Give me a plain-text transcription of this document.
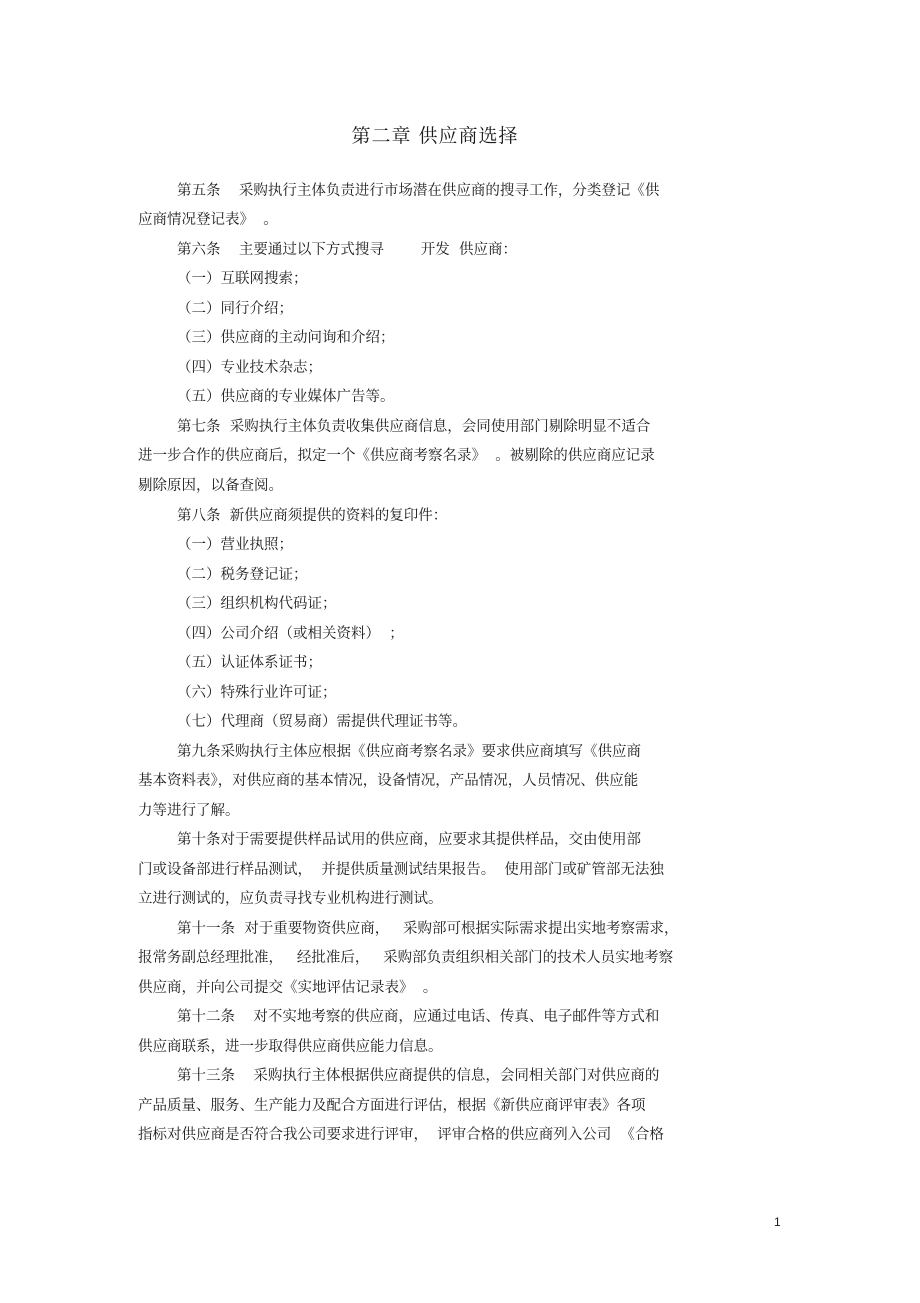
第二章 供应商选择
第五条    采购执行主体负责进行市场潜在供应商的搜寻工作，分类登记《供
应商情况登记表》  。
第六条    主要通过以下方式搜寻        开发  供应商：
（一）互联网搜索；
（二）同行介绍；
（三）供应商的主动问询和介绍；
（四）专业技术杂志；
（五）供应商的专业媒体广告等。
第七条  采购执行主体负责收集供应商信息，会同使用部门剔除明显不适合
进一步合作的供应商后，拟定一个《供应商考察名录》  。被剔除的供应商应记录
剔除原因，以备查阅。
第八条  新供应商须提供的资料的复印件：
（一）营业执照；
（二）税务登记证；
（三）组织机构代码证；
（四）公司介绍（或相关资料）  ；
（五）认证体系证书；
（六）特殊行业许可证；
（七）代理商（贸易商）需提供代理证书等。
第九条采购执行主体应根据《供应商考察名录》要求供应商填写《供应商
基本资料表》，对供应商的基本情况，设备情况，产品情况，人员情况、供应能
力等进行了解。
第十条对于需要提供样品试用的供应商，应要求其提供样品，交由使用部
门或设备部进行样品测试，  并提供质量测试结果报告。  使用部门或矿管部无法独
立进行测试的，应负责寻找专业机构进行测试。
第十一条  对于重要物资供应商，   采购部可根据实际需求提出实地考察需求，
报常务副总经理批准，   经批准后，   采购部负责组织相关部门的技术人员实地考察
供应商，并向公司提交《实地评估记录表》  。
第十二条    对不实地考察的供应商，应通过电话、传真、电子邮件等方式和
供应商联系，进一步取得供应商供应能力信息。
第十三条    采购执行主体根据供应商提供的信息，会同相关部门对供应商的
产品质量、服务、生产能力及配合方面进行评估，根据《新供应商评审表》各项
指标对供应商是否符合我公司要求进行评审，  评审合格的供应商列入公司  《合格
1
